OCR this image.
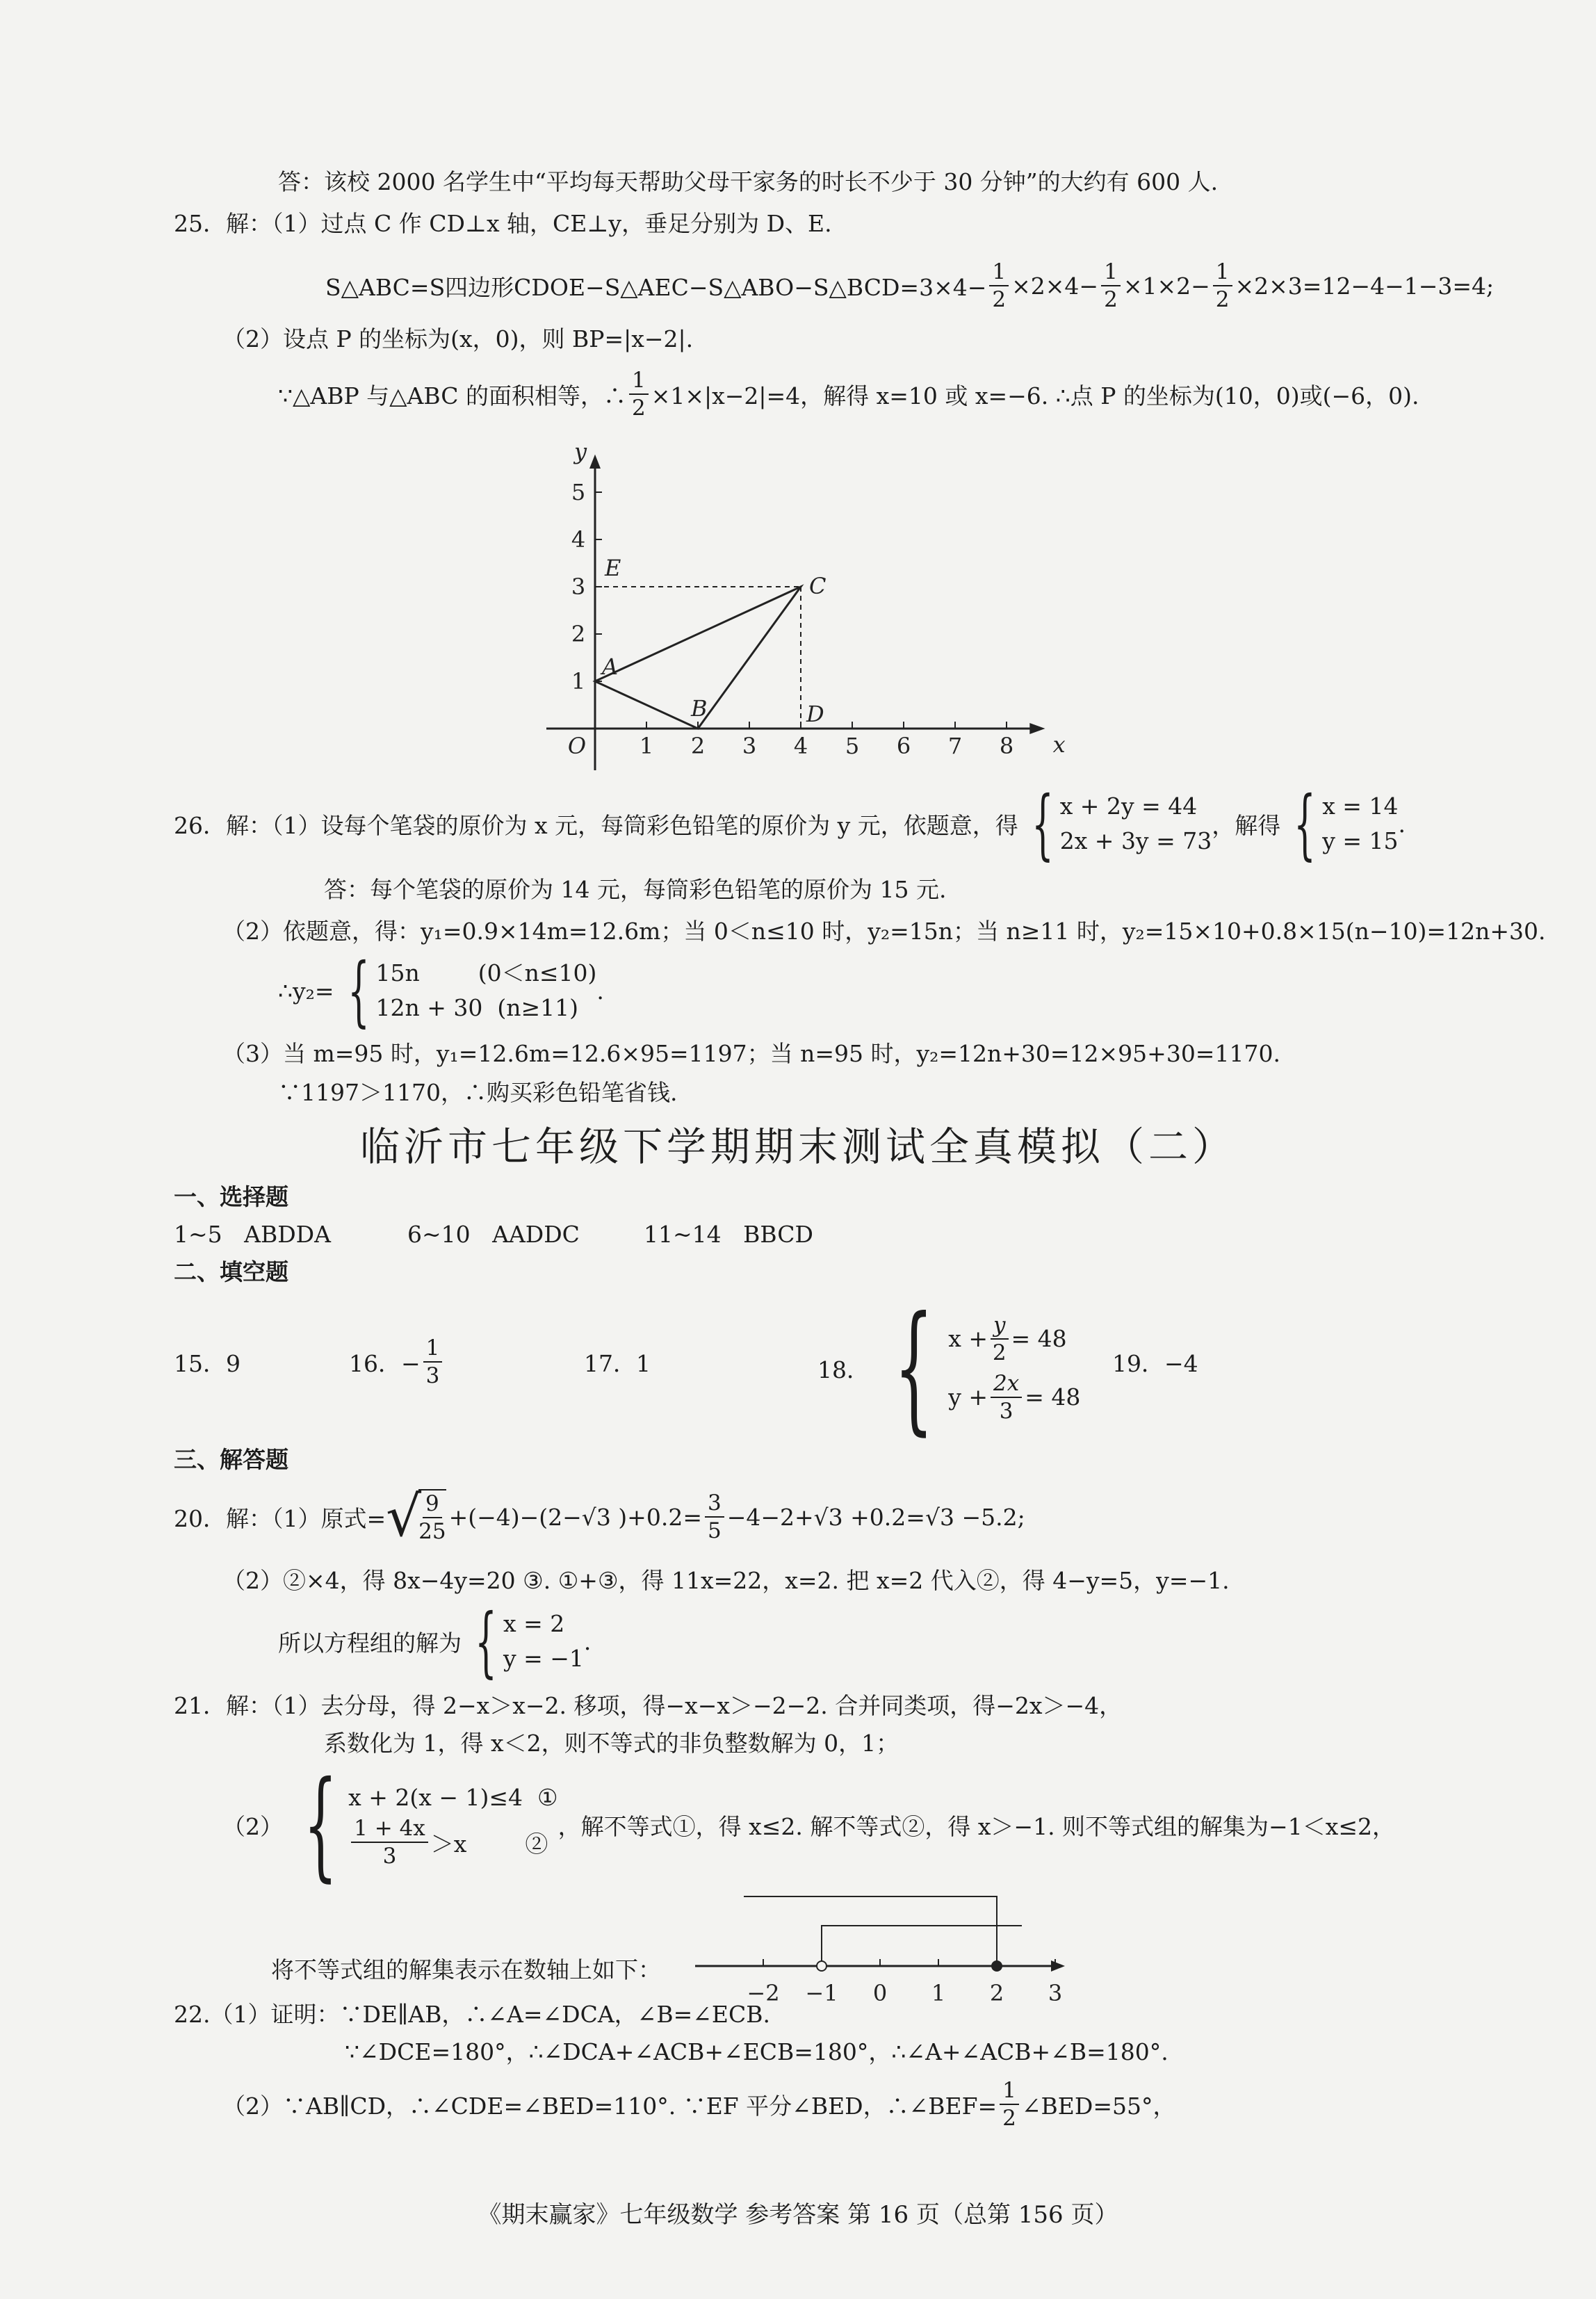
答：该校 2000 名学生中“平均每天帮助父母干家务的时长不少于 30 分钟”的大约有 600 人.
25．解：（1）过点 C 作 CD⊥x 轴，CE⊥y，垂足分别为 D、E.
S△ABC=S四边形CDOE−S△AEC−S△ABO−S△BCD=3×4− $\frac{1}{2} \times 2\times 4- \frac{1}{2} \times 1\times 2- \frac{1}{2} \times 2\times 3=12-4-1-3=4$;
（2）设点 P 的坐标为(x，0)，则 BP=|x−2|.
∵△ABP 与△ABC 的面积相等，∴ $\frac{1}{2} \times 1\times|x-2|=4$，解得 x=10 或 x=−6. ∴点 P 的坐标为(10，0)或(−6，0).
1 2 3 4 5 6 7 8
1
2
3
4
5
O	x
y
A
B
C
D
E
26．解：（1）设每个笔袋的原价为 x 元，每筒彩色铅笔的原价为 y 元，依题意，得 { x + 2y = 44
2x + 3y = 73
，解得 { x = 14
y = 15
.
答：每个笔袋的原价为 14 元，每筒彩色铅笔的原价为 15 元.
（2）依题意，得：y₁=0.9×14m=12.6m；当 0＜n≤10 时，y₂=15n；当 n≥11 时，y₂=15×10+0.8×15(n−10)=12n+30.
∴y₂= { 15n        (0＜n≤10)
12n + 30  (n≥11)
.
（3）当 m=95 时，y₁=12.6m=12.6×95=1197；当 n=95 时，y₂=12n+30=12×95+30=1170.
∵1197＞1170，∴购买彩色铅笔省钱.
临沂市七年级下学期期末测试全真模拟（二）
一、选择题
1~5   ABDDA	6~10   AADDC	11~14   BBCD
二、填空题
15．9	16．− $\frac{1}{3}$	17．1	18． { $x + \frac{y}{2} = 48$
$y + \frac{2x}{3} = 48$
19．−4
三、解答题
20．解：（1）原式= √
$\frac{9}{25} +(-4)-(2-√3$ )$+0.2= \frac{3}{5} -4-2+√3 +0.2=√3 -5.2$;
（2）②×4，得 8x−4y=20 ③. ①+③，得 11x=22，x=2. 把 x=2 代入②，得 4−y=5，y=−1.
所以方程组的解为 { x = 2
y = −1
.
21．解：（1）去分母，得 2−x＞x−2. 移项，得−x−x＞−2−2. 合并同类项，得−2x＞−4，
系数化为 1，得 x＜2，则不等式的非负整数解为 0，1；
（2） { x + 2(x − 1)≤4  ①
$\frac{1 + 4x}{3} >x$        ②
，解不等式①，得 x≤2. 解不等式②，得 x＞−1. 则不等式组的解集为−1＜x≤2，
将不等式组的解集表示在数轴上如下：
−2 −1 0 1 2 3
22.（1）证明：∵DE∥AB，∴∠A=∠DCA，∠B=∠ECB.
∵∠DCE=180°，∴∠DCA+∠ACB+∠ECB=180°，∴∠A+∠ACB+∠B=180°.
（2）∵AB∥CD，∴∠CDE=∠BED=110°. ∵EF 平分∠BED，∴∠BEF= $\frac{1}{2}$ ∠BED=55°，
《期末赢家》七年级数学 参考答案 第 16 页（总第 156 页）
